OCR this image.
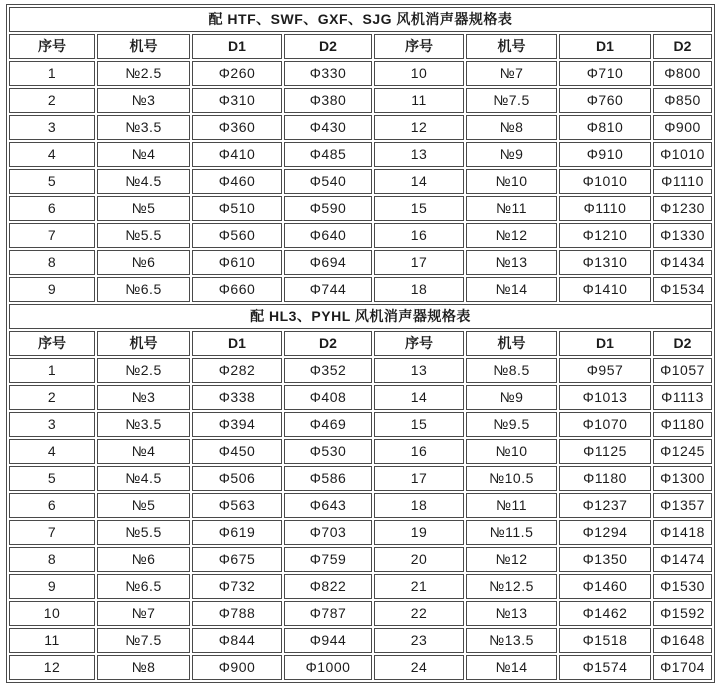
配 HTF、SWF、GXF、SJG 风机消声器规格表							
序号	机号	D1	D2	序号	机号	D1	D2
1	№2.5	Φ260	Φ330	10	№7	Φ710	Φ800
2	№3	Φ310	Φ380	11	№7.5	Φ760	Φ850
3	№3.5	Φ360	Φ430	12	№8	Φ810	Φ900
4	№4	Φ410	Φ485	13	№9	Φ910	Φ1010
5	№4.5	Φ460	Φ540	14	№10	Φ1010	Φ1110
6	№5	Φ510	Φ590	15	№11	Φ1110	Φ1230
7	№5.5	Φ560	Φ640	16	№12	Φ1210	Φ1330
8	№6	Φ610	Φ694	17	№13	Φ1310	Φ1434
9	№6.5	Φ660	Φ744	18	№14	Φ1410	Φ1534
配 HL3、PYHL 风机消声器规格表							
序号	机号	D1	D2	序号	机号	D1	D2
1	№2.5	Φ282	Φ352	13	№8.5	Φ957	Φ1057
2	№3	Φ338	Φ408	14	№9	Φ1013	Φ1113
3	№3.5	Φ394	Φ469	15	№9.5	Φ1070	Φ1180
4	№4	Φ450	Φ530	16	№10	Φ1125	Φ1245
5	№4.5	Φ506	Φ586	17	№10.5	Φ1180	Φ1300
6	№5	Φ563	Φ643	18	№11	Φ1237	Φ1357
7	№5.5	Φ619	Φ703	19	№11.5	Φ1294	Φ1418
8	№6	Φ675	Φ759	20	№12	Φ1350	Φ1474
9	№6.5	Φ732	Φ822	21	№12.5	Φ1460	Φ1530
10	№7	Φ788	Φ787	22	№13	Φ1462	Φ1592
11	№7.5	Φ844	Φ944	23	№13.5	Φ1518	Φ1648
12	№8	Φ900	Φ1000	24	№14	Φ1574	Φ1704
